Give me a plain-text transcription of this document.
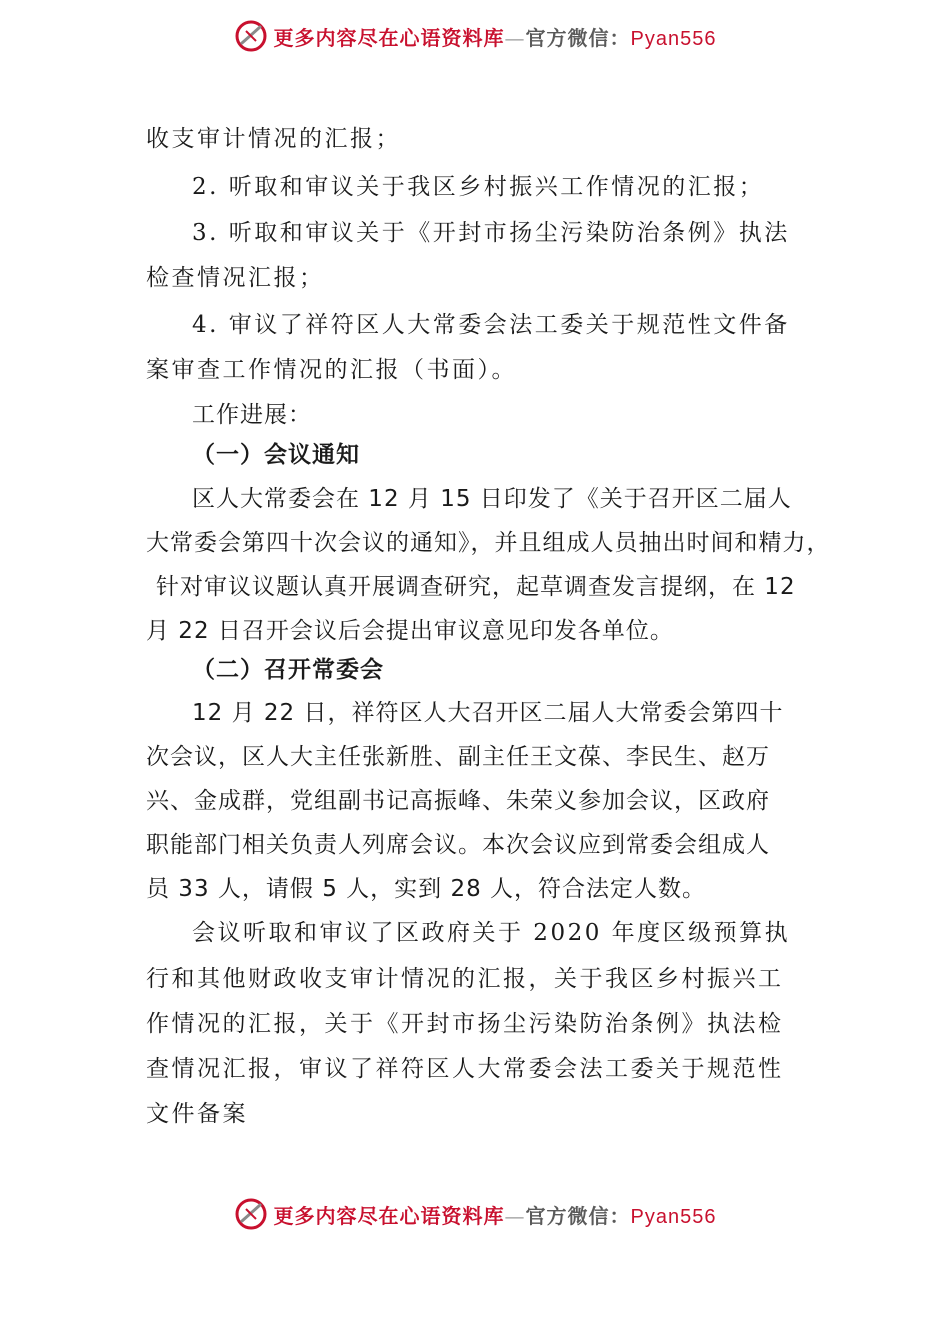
更多内容尽在心语资料库—官方微信：Pyan556
收支审计情况的汇报；
2. 听取和审议关于我区乡村振兴工作情况的汇报；
3. 听取和审议关于《开封市扬尘污染防治条例》执法
检查情况汇报；
4. 审议了祥符区人大常委会法工委关于规范性文件备
案审查工作情况的汇报（书面）。
工作进展：
（一）会议通知
区人大常委会在 12 月 15 日印发了《关于召开区二届人
大常委会第四十次会议的通知》，并且组成人员抽出时间和精力，
针对审议议题认真开展调查研究，起草调查发言提纲，在 12
月 22 日召开会议后会提出审议意见印发各单位。
（二）召开常委会
12 月 22 日，祥符区人大召开区二届人大常委会第四十
次会议，区人大主任张新胜、副主任王文葆、李民生、赵万
兴、金成群，党组副书记高振峰、朱荣义参加会议，区政府
职能部门相关负责人列席会议。本次会议应到常委会组成人
员 33 人，请假 5 人，实到 28 人，符合法定人数。
会议听取和审议了区政府关于 2020 年度区级预算执
行和其他财政收支审计情况的汇报，关于我区乡村振兴工
作情况的汇报，关于《开封市扬尘污染防治条例》执法检
查情况汇报，审议了祥符区人大常委会法工委关于规范性
文件备案
更多内容尽在心语资料库—官方微信：Pyan556
